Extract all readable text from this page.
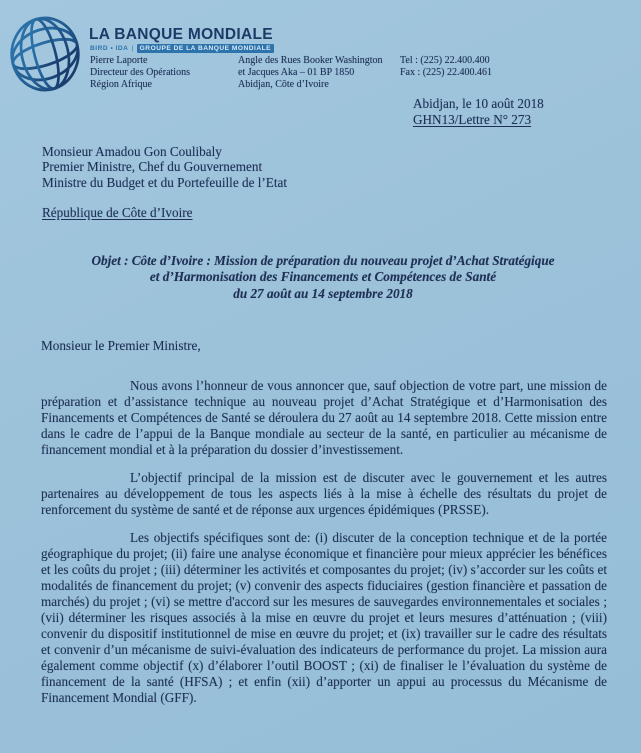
LA BANQUE MONDIALE
BIRD • IDA | GROUPE DE LA BANQUE MONDIALE
Pierre Laporte
Directeur des Opérations
Région Afrique
Angle des Rues Booker Washington
et Jacques Aka – 01 BP 1850
Abidjan, Côte d’Ivoire
Tel : (225) 22.400.400
Fax : (225) 22.400.461
Abidjan, le 10 août 2018
GHN13/Lettre N° 273
Monsieur Amadou Gon Coulibaly
Premier Ministre, Chef du Gouvernement
Ministre du Budget et du Portefeuille de l’Etat
République de Côte d’Ivoire
Objet : Côte d’Ivoire : Mission de préparation du nouveau projet d’Achat Stratégique
et d’Harmonisation des Financements et Compétences de Santé
du 27 août au 14 septembre 2018
Monsieur le Premier Ministre,

Nous avons l’honneur de vous annoncer que, sauf objection de votre part, une mission de préparation et d’assistance technique au nouveau projet d’Achat Stratégique et d’Harmonisation des Financements et Compétences de Santé se déroulera du 27 août au 14 septembre 2018. Cette mission entre dans le cadre de l’appui de la Banque mondiale au secteur de la santé, en particulier au mécanisme de financement mondial et à la préparation du dossier d’investissement.

L’objectif principal de la mission est de discuter avec le gouvernement et les autres partenaires au développement de tous les aspects liés à la mise à échelle des résultats du projet de renforcement du système de santé et de réponse aux urgences épidémiques (PRSSE).

Les objectifs spécifiques sont de: (i) discuter de la conception technique et de la portée géographique du projet; (ii) faire une analyse économique et financière pour mieux apprécier les bénéfices et les coûts du projet ; (iii) déterminer les activités et composantes du projet; (iv) s’accorder sur les coûts et modalités de financement du projet; (v) convenir des aspects fiduciaires (gestion financière et passation de marchés) du projet ; (vi) se mettre d'accord sur les mesures de sauvegardes environnementales et sociales ; (vii) déterminer les risques associés à la mise en œuvre du projet et leurs mesures d’atténuation ; (viii) convenir du dispositif institutionnel de mise en œuvre du projet; et (ix) travailler sur le cadre des résultats et convenir d’un mécanisme de suivi-évaluation des indicateurs de performance du projet. La mission aura également comme objectif (x) d’élaborer l’outil BOOST ; (xi) de finaliser le l’évaluation du système de financement de la santé (HFSA) ; et enfin (xii) d’apporter un appui au processus du Mécanisme de Financement Mondial (GFF).
